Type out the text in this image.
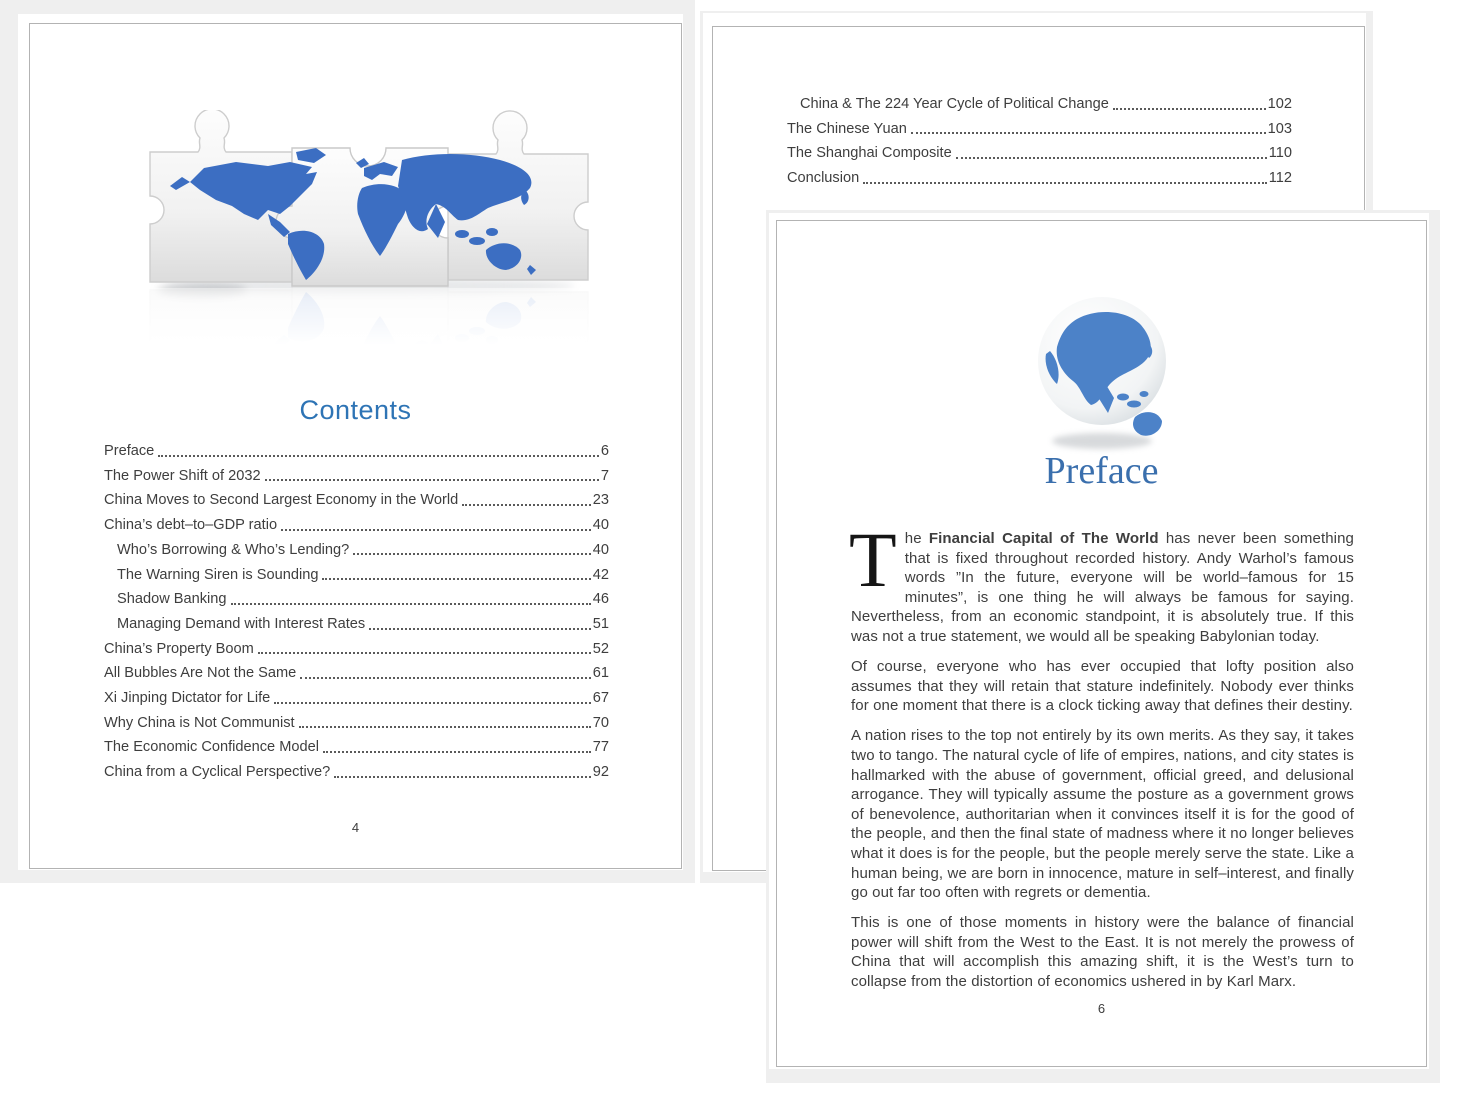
Contents
Preface	6
The Power Shift of 2032	7
China Moves to Second Largest Economy in the World	23
China’s debt–to–GDP ratio	40
Who’s Borrowing & Who’s Lending?	40
The Warning Siren is Sounding	42
Shadow Banking	46
Managing Demand with Interest Rates	51
China’s Property Boom	52
All Bubbles Are Not the Same	61
Xi Jinping Dictator for Life	67
Why China is Not Communist	70
The Economic Confidence Model	77
China from a Cyclical Perspective?	92
4
China & The 224 Year Cycle of Political Change	102
The Chinese Yuan	103
The Shanghai Composite	110
Conclusion	112
Preface

The Financial Capital of The World has never been something that is fixed throughout recorded history. Andy Warhol’s famous words ”In the future, everyone will be world–famous for 15 minutes”, is one thing he will always be famous for saying. Nevertheless, from an economic standpoint, it is absolutely true. If this was not a true statement, we would all be speaking Babylonian today.

Of course, everyone who has ever occupied that lofty position also assumes that they will retain that stature indefinitely. Nobody ever thinks for one moment that there is a clock ticking away that defines their destiny.

A nation rises to the top not entirely by its own merits. As they say, it takes two to tango. The natural cycle of life of empires, nations, and city states is hallmarked with the abuse of government, official greed, and delusional arrogance. They will typically assume the posture as a government grows of benevolence, authoritarian when it convinces itself it is for the good of the people, and then the final state of madness where it no longer believes what it does is for the people, but the people merely serve the state. Like a human being, we are born in innocence, mature in self–interest, and finally go out far too often with regrets or dementia.

This is one of those moments in history were the balance of financial power will shift from the West to the East. It is not merely the prowess of China that will accomplish this amazing shift, it is the West’s turn to collapse from the distortion of economics ushered in by Karl Marx.

6
